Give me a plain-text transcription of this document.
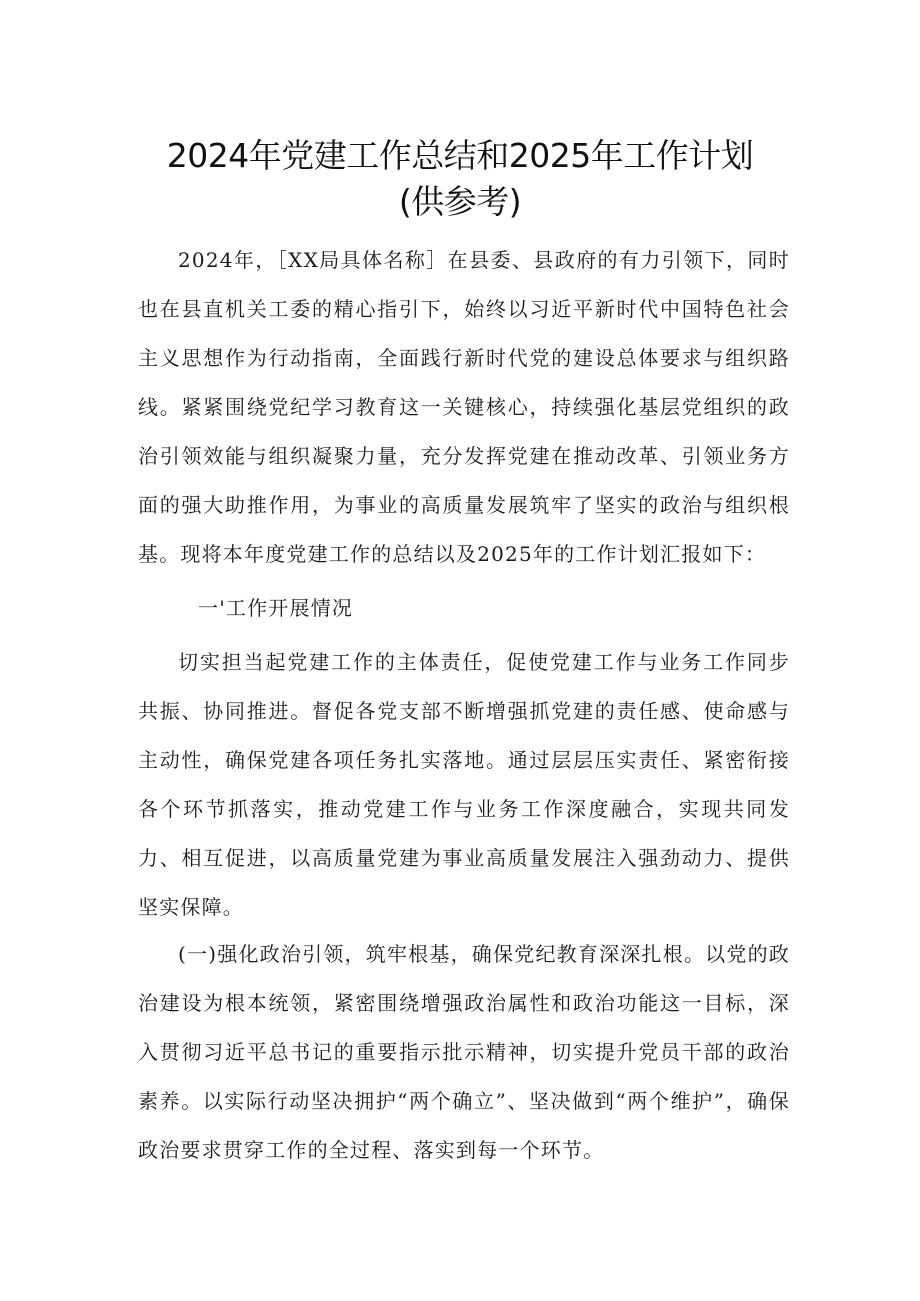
2024年党建工作总结和2025年工作计划
(供参考)

2024年，［XX局具体名称］在县委、县政府的有力引领下，同时也在县直机关工委的精心指引下，始终以习近平新时代中国特色社会主义思想作为行动指南，全面践行新时代党的建设总体要求与组织路线。紧紧围绕党纪学习教育这一关键核心，持续强化基层党组织的政治引领效能与组织凝聚力量，充分发挥党建在推动改革、引领业务方面的强大助推作用，为事业的高质量发展筑牢了坚实的政治与组织根基。现将本年度党建工作的总结以及2025年的工作计划汇报如下：

一'工作开展情况

切实担当起党建工作的主体责任，促使党建工作与业务工作同步共振、协同推进。督促各党支部不断增强抓党建的责任感、使命感与主动性，确保党建各项任务扎实落地。通过层层压实责任、紧密衔接各个环节抓落实，推动党建工作与业务工作深度融合，实现共同发力、相互促进，以高质量党建为事业高质量发展注入强劲动力、提供坚实保障。

(一)强化政治引领，筑牢根基，确保党纪教育深深扎根。以党的政治建设为根本统领，紧密围绕增强政治属性和政治功能这一目标，深入贯彻习近平总书记的重要指示批示精神，切实提升党员干部的政治素养。以实际行动坚决拥护“两个确立”、坚决做到“两个维护”，确保政治要求贯穿工作的全过程、落实到每一个环节。
